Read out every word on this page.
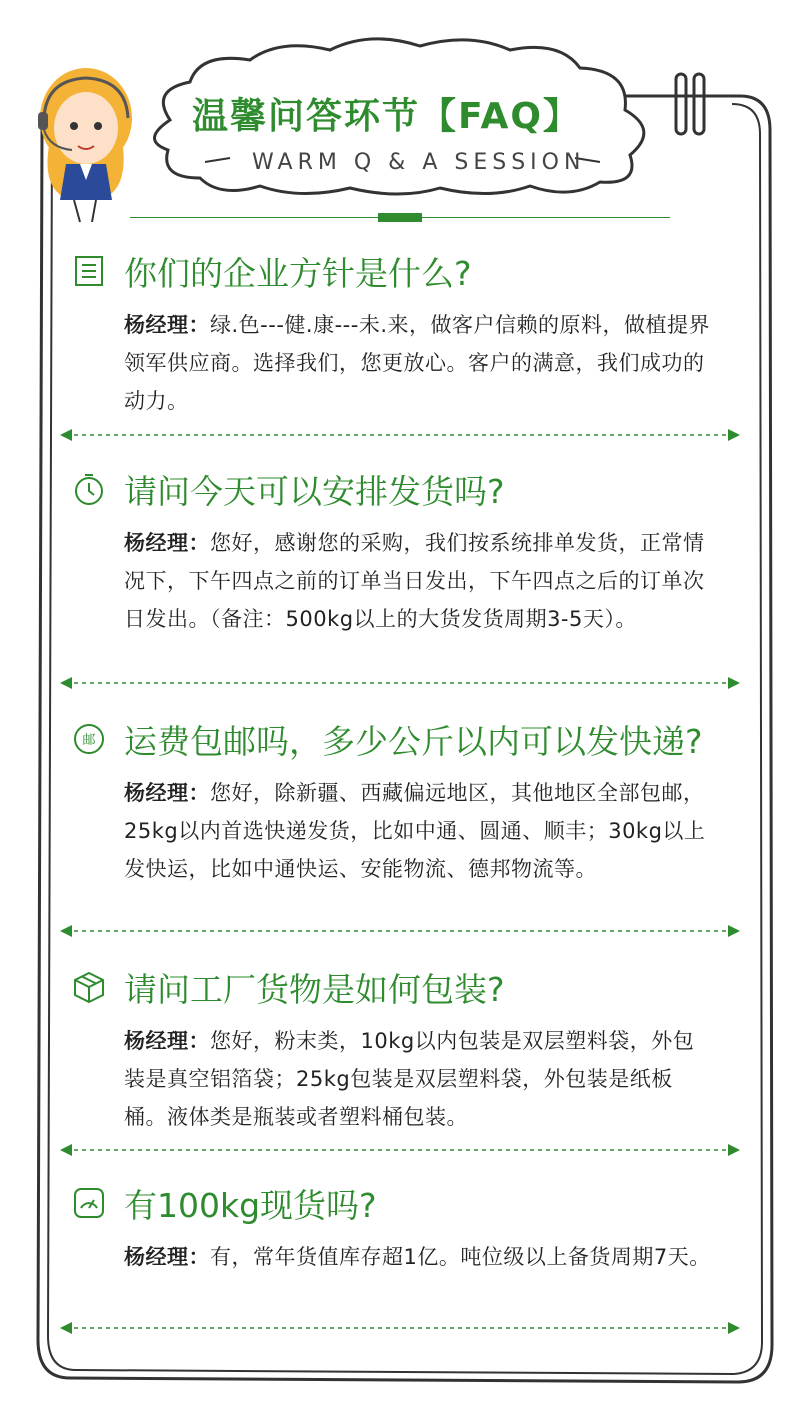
温馨问答环节【FAQ】
WARM Q & A SESSION
你们的企业方针是什么?
杨经理：绿.色---健.康---未.来，做客户信赖的原料，做植提界领军供应商。选择我们，您更放心。客户的满意，我们成功的动力。
请问今天可以安排发货吗?
杨经理：您好，感谢您的采购，我们按系统排单发货，正常情况下，下午四点之前的订单当日发出，下午四点之后的订单次日发出。（备注：500kg以上的大货发货周期3-5天）。
邮 运费包邮吗，多少公斤以内可以发快递?
杨经理：您好，除新疆、西藏偏远地区，其他地区全部包邮，25kg以内首选快递发货，比如中通、圆通、顺丰；30kg以上发快运，比如中通快运、安能物流、德邦物流等。
请问工厂货物是如何包装?
杨经理：您好，粉末类，10kg以内包装是双层塑料袋，外包装是真空铝箔袋；25kg包装是双层塑料袋，外包装是纸板桶。液体类是瓶装或者塑料桶包装。
有100kg现货吗?
杨经理：有，常年货值库存超1亿。吨位级以上备货周期7天。
